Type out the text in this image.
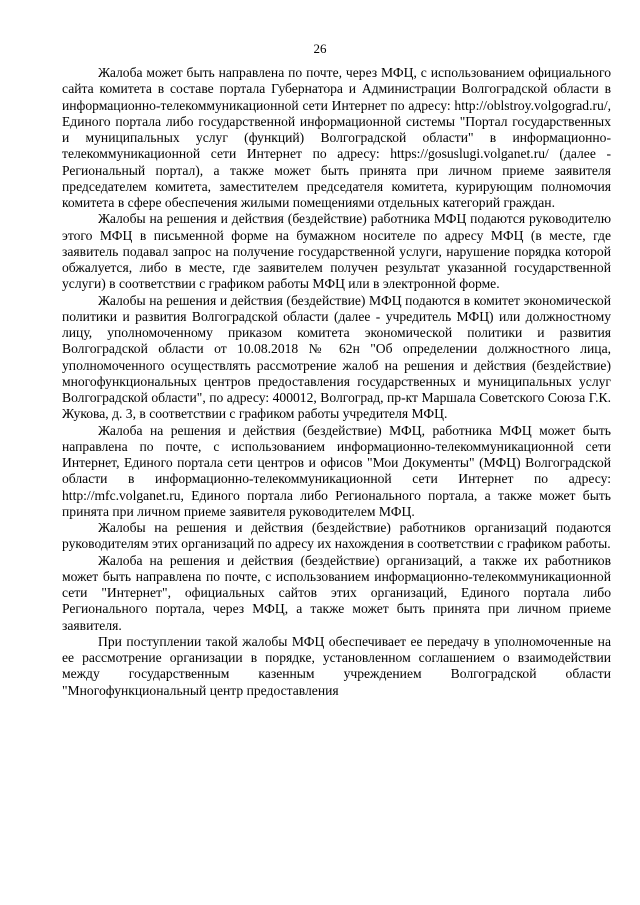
26

Жалоба может быть направлена по почте, через МФЦ, с использованием официального сайта комитета в составе портала Губернатора и Администрации Волгоградской области в информационно-телекоммуникационной сети Интернет по адресу: http://oblstroy.volgograd.ru/, Единого портала либо государственной информационной системы "Портал государственных и муниципальных услуг (функций) Волгоградской области" в информационно-телекоммуникационной сети Интернет по адресу: https://gosuslugi.volganet.ru/ (далее - Региональный портал), а также может быть принята при личном приеме заявителя председателем комитета, заместителем председателя комитета, курирующим полномочия комитета в сфере обеспечения жилыми помещениями отдельных категорий граждан.

Жалобы на решения и действия (бездействие) работника МФЦ подаются руководителю этого МФЦ в письменной форме на бумажном носителе по адресу МФЦ (в месте, где заявитель подавал запрос на получение государственной услуги, нарушение порядка которой обжалуется, либо в месте, где заявителем получен результат указанной государственной услуги) в соответствии с графиком работы МФЦ или в электронной форме.

Жалобы на решения и действия (бездействие) МФЦ подаются в комитет экономической политики и развития Волгоградской области (далее - учредитель МФЦ) или должностному лицу, уполномоченному приказом комитета экономической политики и развития Волгоградской области от 10.08.2018 № 62н "Об определении должностного лица, уполномоченного осуществлять рассмотрение жалоб на решения и действия (бездействие) многофункциональных центров предоставления государственных и муниципальных услуг Волгоградской области", по адресу: 400012, Волгоград, пр-кт Маршала Советского Союза Г.К. Жукова, д. 3, в соответствии с графиком работы учредителя МФЦ.

Жалоба на решения и действия (бездействие) МФЦ, работника МФЦ может быть направлена по почте, с использованием информационно-телекоммуникационной сети Интернет, Единого портала сети центров и офисов "Мои Документы" (МФЦ) Волгоградской области в информационно-телекоммуникационной сети Интернет по адресу: http://mfc.volganet.ru, Единого портала либо Регионального портала, а также может быть принята при личном приеме заявителя руководителем МФЦ.

Жалобы на решения и действия (бездействие) работников организаций подаются руководителям этих организаций по адресу их нахождения в соответствии с графиком работы.

Жалоба на решения и действия (бездействие) организаций, а также их работников может быть направлена по почте, с использованием информационно-телекоммуникационной сети "Интернет", официальных сайтов этих организаций, Единого портала либо Регионального портала, через МФЦ, а также может быть принята при личном приеме заявителя.

При поступлении такой жалобы МФЦ обеспечивает ее передачу в уполномоченные на ее рассмотрение организации в порядке, установленном соглашением о взаимодействии между государственным казенным учреждением Волгоградской области "Многофункциональный центр предоставления
